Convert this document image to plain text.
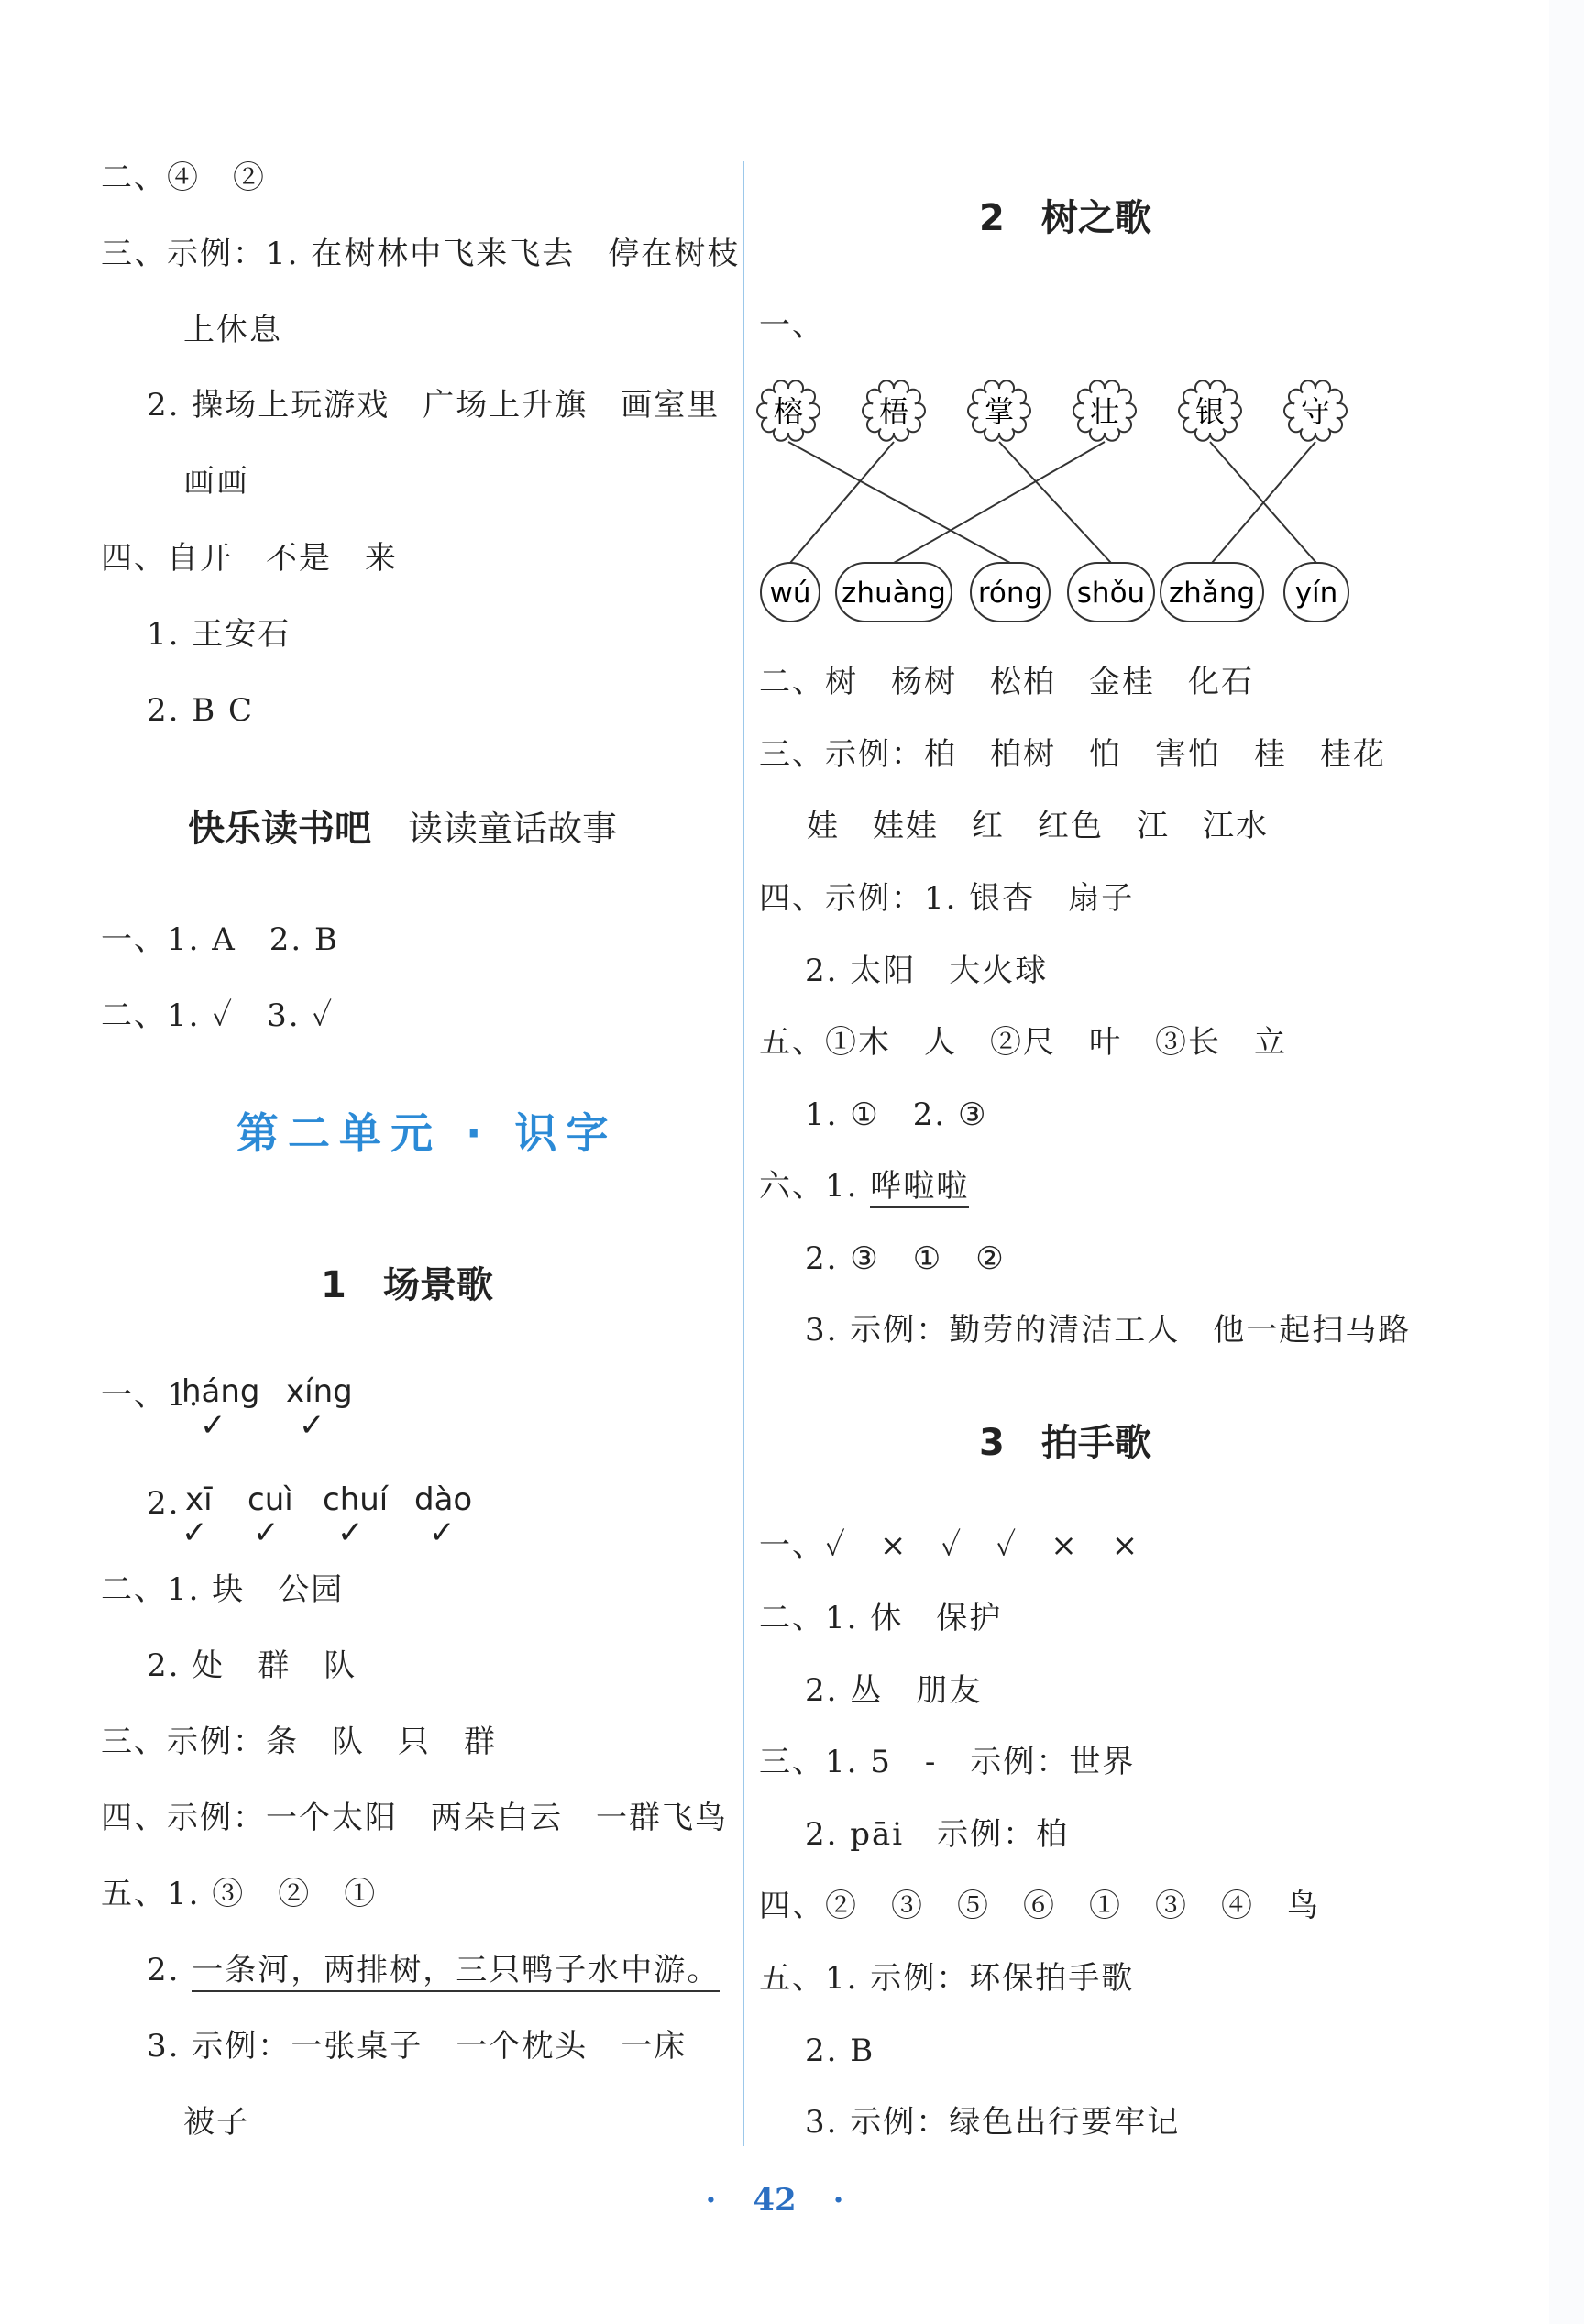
二、④　②
三、示例：1. 在树林中飞来飞去　停在树枝
上休息
2. 操场上玩游戏　广场上升旗　画室里
画画
四、自开　不是　来
1. 王安石
2. B C
快乐读书吧 读读童话故事
一、1. A　2. B
二、1. ✓　3. ✓
第二单元 · 识字
1　场景歌
一、1.
háng xíng
✓ ✓
2. xī cuì chuí dào
✓ ✓ ✓ ✓
二、1. 块　公园
2. 处　群　队
三、示例：条　队　只　群
四、示例：一个太阳　两朵白云　一群飞鸟
五、1. ③　②　①
2. 一条河，两排树，三只鸭子水中游。
3. 示例：一张桌子　一个枕头　一床
被子
2　树之歌
一、
榕	梧	掌	壮	银	守
wú zhuàng róng shǒu zhǎng yín
二、树　杨树　松柏　金桂　化石
三、示例：柏　柏树　怕　害怕　桂　桂花
娃　娃娃　红　红色　江　江水
四、示例：1. 银杏　扇子
2. 太阳　大火球
五、①木　人　②尺　叶　③长　立
1. ①　2. ③
六、1. 哗啦啦
2. ③　①　②
3. 示例：勤劳的清洁工人　他一起扫马路
3　拍手歌
一、✓　×　✓　✓　×　×
二、1. 休　保护
2. 丛　朋友
三、1. 5　-　示例：世界
2. pāi　示例：柏
四、②　③　⑤　⑥　①　③　④　鸟
五、1. 示例：环保拍手歌
2. B
3. 示例：绿色出行要牢记
· 42 ·
